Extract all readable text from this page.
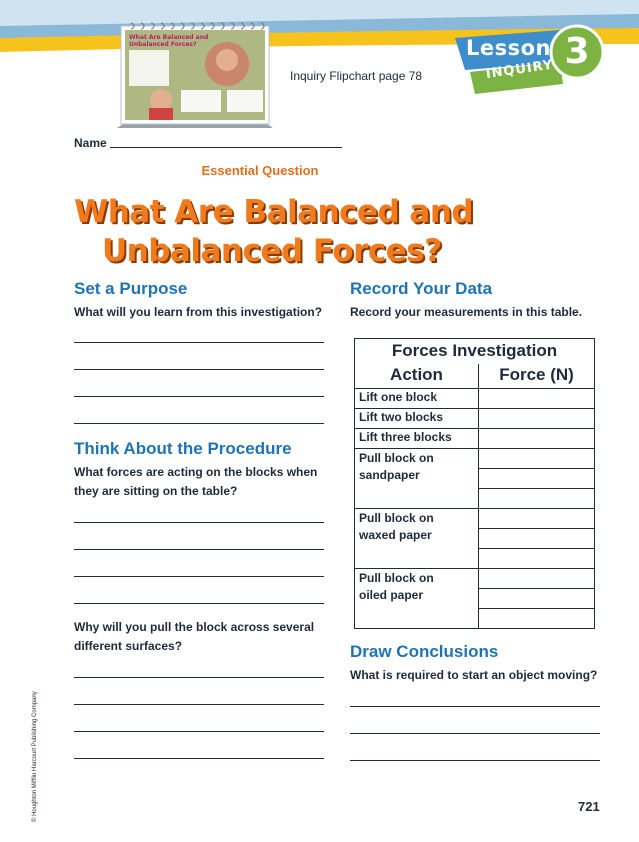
Lesson 3
INQUIRY
What Are Balanced and Unbalanced Forces?
Inquiry Flipchart page 78
Name
Essential Question
What Are Balanced and
Unbalanced Forces?
Set a Purpose
What will you learn from this investigation?
Think About the Procedure
What forces are acting on the blocks when
they are sitting on the table?
Why will you pull the block across several
different surfaces?
Record Your Data
Record your measurements in this table.
Forces Investigation	
Action	Force (N)
Lift one block	
Lift two blocks	
Lift three blocks	

Pull block on
sandpaper	

Pull block on
waxed paper	

Pull block on
oiled paper	

Draw Conclusions
What is required to start an object moving?
721
© Houghton Mifflin Harcourt Publishing Company
